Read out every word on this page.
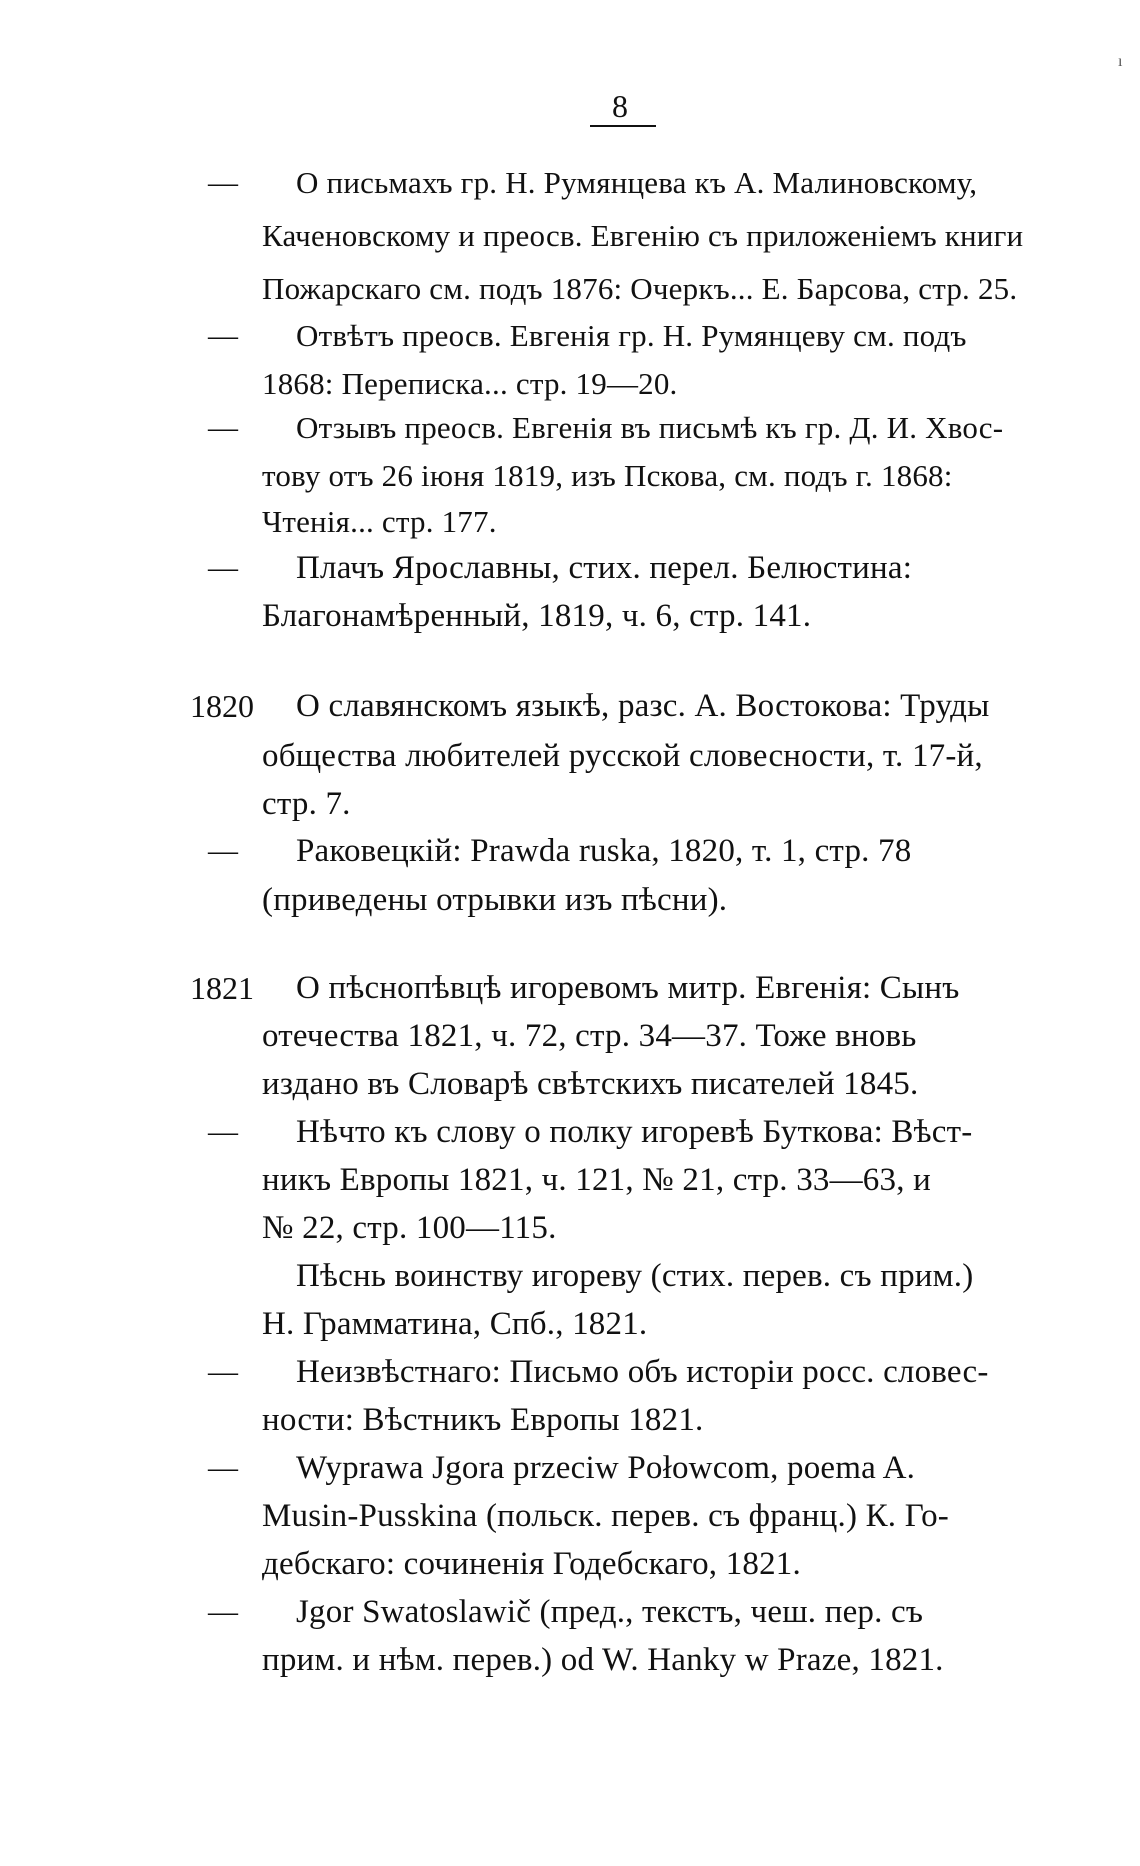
8
ı
— О письмахъ гр. Н. Румянцева къ А. Малиновскому,
Каченовскому и преосв. Евгенію съ приложеніемъ книги
Пожарскаго см. подъ 1876: Очеркъ... Е. Барсова, стр. 25.
— Отвѣтъ преосв. Евгенія гр. Н. Румянцеву см. подъ
1868: Переписка... стр. 19—20.
— Отзывъ преосв. Евгенія въ письмѣ къ гр. Д. И. Хвос-
тову отъ 26 іюня 1819, изъ Пскова, см. подъ г. 1868:
Чтенія... стр. 177.
— Плачъ Ярославны, стих. перел. Белюстина:
Благонамѣренный, 1819, ч. 6, стр. 141.
1820 О славянскомъ языкѣ, разс. А. Востокова: Труды
общества любителей русской словесности, т. 17-й,
стр. 7.
— Раковецкій: Prawda ruska, 1820, т. 1, стр. 78
(приведены отрывки изъ пѣсни).
1821 О пѣснопѣвцѣ игоревомъ митр. Евгенія: Сынъ
отечества 1821, ч. 72, стр. 34—37. Тоже вновь
издано въ Словарѣ свѣтскихъ писателей 1845.
— Нѣчто къ слову о полку игоревѣ Буткова: Вѣст-
никъ Европы 1821, ч. 121, № 21, стр. 33—63, и
№ 22, стр. 100—115.
Пѣснь воинству игореву (стих. перев. съ прим.)
Н. Грамматина, Спб., 1821.
— Неизвѣстнаго: Письмо объ исторіи росс. словес-
ности: Вѣстникъ Европы 1821.
— Wyprawa Jgora przeciw Połowcom, poema A.
Musin-Pusskina (польск. перев. съ франц.) К. Го-
дебскаго: сочиненія Годебскаго, 1821.
— Jgor Swatoslawič (пред., текстъ, чеш. пер. съ
прим. и нѣм. перев.) od W. Hanky w Praze, 1821.
